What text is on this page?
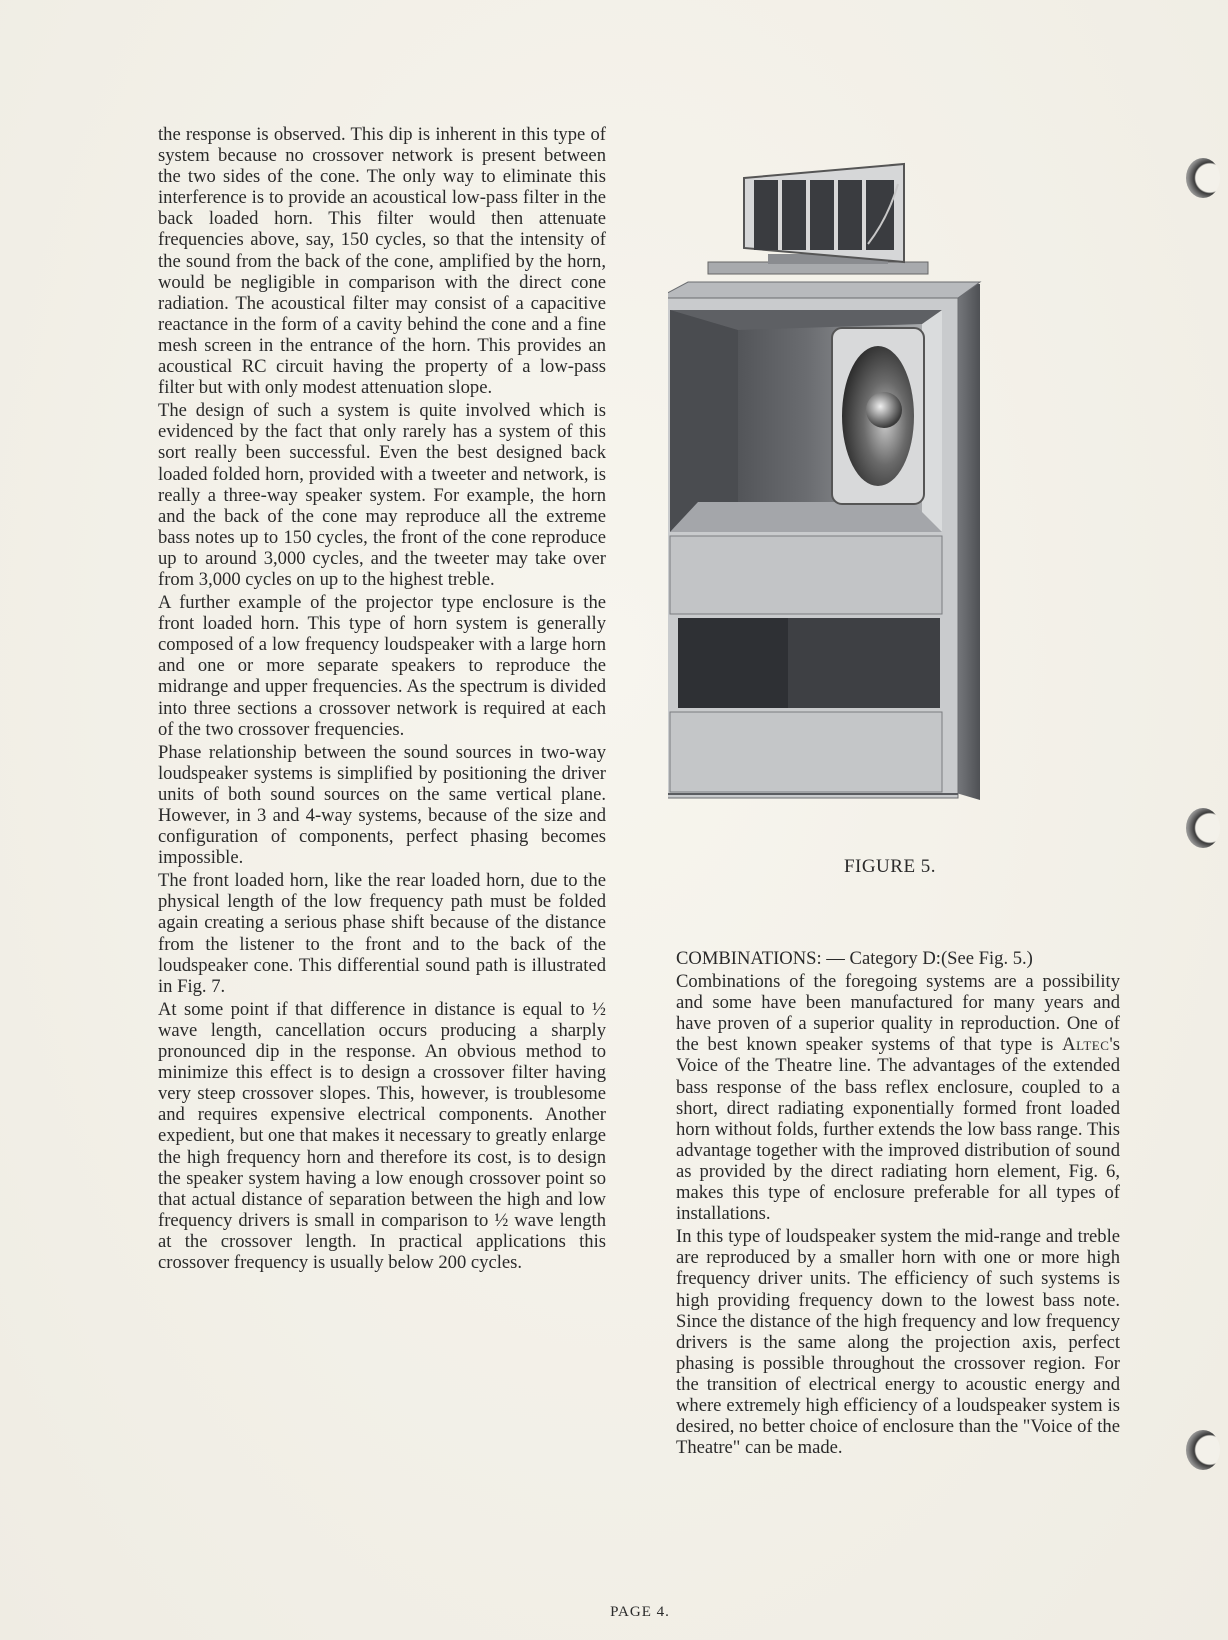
the response is observed. This dip is inherent in this type of system because no crossover network is present between the two sides of the cone. The only way to eliminate this interference is to provide an acoustical low-pass filter in the back loaded horn. This filter would then attenuate frequencies above, say, 150 cycles, so that the intensity of the sound from the back of the cone, amplified by the horn, would be negligible in comparison with the direct cone radiation. The acoustical filter may consist of a capacitive reactance in the form of a cavity behind the cone and a fine mesh screen in the entrance of the horn. This provides an acoustical RC circuit having the property of a low-pass filter but with only modest attenuation slope.

The design of such a system is quite involved which is evidenced by the fact that only rarely has a system of this sort really been successful. Even the best designed back loaded folded horn, provided with a tweeter and network, is really a three-way speaker system. For example, the horn and the back of the cone may reproduce all the extreme bass notes up to 150 cycles, the front of the cone reproduce up to around 3,000 cycles, and the tweeter may take over from 3,000 cycles on up to the highest treble.

A further example of the projector type enclosure is the front loaded horn. This type of horn system is generally composed of a low frequency loudspeaker with a large horn and one or more separate speakers to reproduce the midrange and upper frequencies. As the spectrum is divided into three sections a crossover network is required at each of the two crossover frequencies.

Phase relationship between the sound sources in two-way loudspeaker systems is simplified by positioning the driver units of both sound sources on the same vertical plane. However, in 3 and 4-way systems, because of the size and configuration of components, perfect phasing becomes impossible.

The front loaded horn, like the rear loaded horn, due to the physical length of the low frequency path must be folded again creating a serious phase shift because of the distance from the listener to the front and to the back of the loudspeaker cone. This differential sound path is illustrated in Fig. 7.

At some point if that difference in distance is equal to ½ wave length, cancellation occurs producing a sharply pronounced dip in the response. An obvious method to minimize this effect is to design a crossover filter having very steep crossover slopes. This, however, is troublesome and requires expensive electrical components. Another expedient, but one that makes it necessary to greatly enlarge the high frequency horn and therefore its cost, is to design the speaker system having a low enough crossover point so that actual distance of separation between the high and low frequency drivers is small in comparison to ½ wave length at the crossover length. In practical applications this crossover frequency is usually below 200 cycles.

FIGURE 5.

COMBINATIONS: — Category D:(See Fig. 5.)

Combinations of the foregoing systems are a possibility and some have been manufactured for many years and have proven of a superior quality in reproduction. One of the best known speaker systems of that type is Altec's Voice of the Theatre line. The advantages of the extended bass response of the bass reflex enclosure, coupled to a short, direct radiating exponentially formed front loaded horn without folds, further extends the low bass range. This advantage together with the improved distribution of sound as provided by the direct radiating horn element, Fig. 6, makes this type of enclosure preferable for all types of installations.

In this type of loudspeaker system the mid-range and treble are reproduced by a smaller horn with one or more high frequency driver units. The efficiency of such systems is high providing frequency down to the lowest bass note. Since the distance of the high frequency and low frequency drivers is the same along the projection axis, perfect phasing is possible throughout the crossover region. For the transition of electrical energy to acoustic energy and where extremely high efficiency of a loudspeaker system is desired, no better choice of enclosure than the "Voice of the Theatre" can be made.

PAGE 4.
